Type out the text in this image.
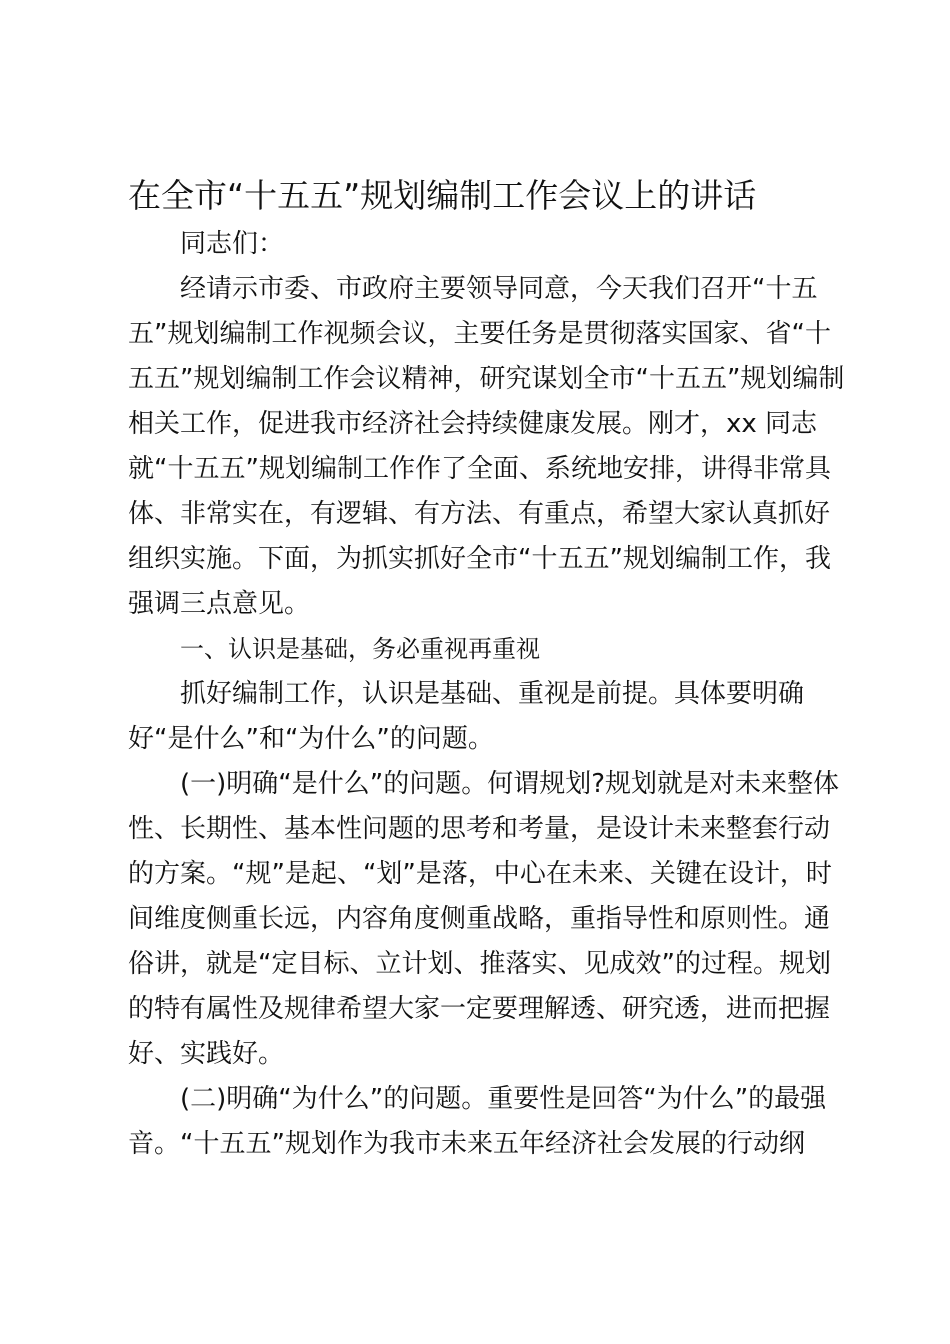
在全市“十五五”规划编制工作会议上的讲话
同志们：
经请示市委、市政府主要领导同意，今天我们召开“十五
五”规划编制工作视频会议，主要任务是贯彻落实国家、省“十
五五”规划编制工作会议精神，研究谋划全市“十五五”规划编制
相关工作，促进我市经济社会持续健康发展。刚才，xx 同志
就“十五五”规划编制工作作了全面、系统地安排，讲得非常具
体、非常实在，有逻辑、有方法、有重点，希望大家认真抓好
组织实施。下面，为抓实抓好全市“十五五”规划编制工作，我
强调三点意见。
一、认识是基础，务必重视再重视
抓好编制工作，认识是基础、重视是前提。具体要明确
好“是什么”和“为什么”的问题。
(一)明确“是什么”的问题。何谓规划?规划就是对未来整体
性、长期性、基本性问题的思考和考量，是设计未来整套行动
的方案。“规”是起、“划”是落，中心在未来、关键在设计，时
间维度侧重长远，内容角度侧重战略，重指导性和原则性。通
俗讲，就是“定目标、立计划、推落实、见成效”的过程。规划
的特有属性及规律希望大家一定要理解透、研究透，进而把握
好、实践好。
(二)明确“为什么”的问题。重要性是回答“为什么”的最强
音。“十五五”规划作为我市未来五年经济社会发展的行动纲
